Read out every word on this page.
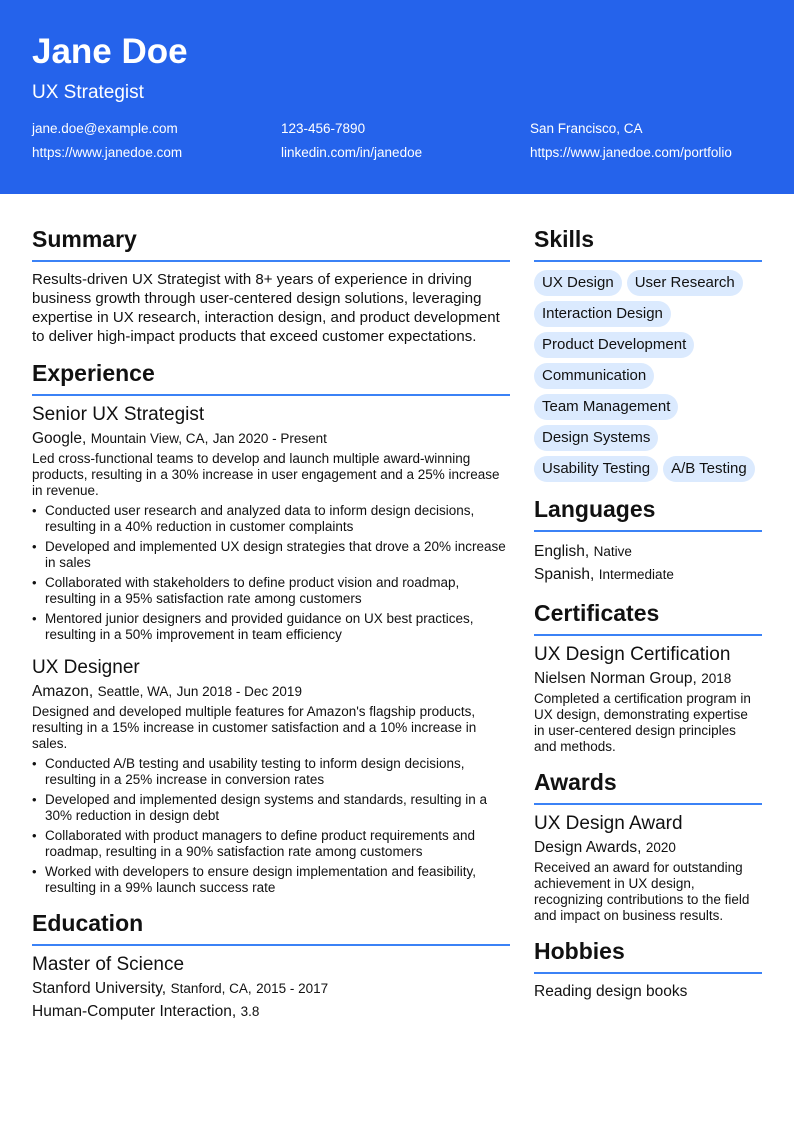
Jane Doe
UX Strategist
jane.doe@example.com	123-456-7890	San Francisco, CA
https://www.janedoe.com	linkedin.com/in/janedoe	https://www.janedoe.com/portfolio
Summary

Results-driven UX Strategist with 8+ years of experience in driving business growth through user-centered design solutions, leveraging expertise in UX research, interaction design, and product development to deliver high-impact products that exceed customer expectations.

Experience
Senior UX Strategist
Google, Mountain View, CA, Jan 2020 - Present
Led cross-functional teams to develop and launch multiple award-winning products, resulting in a 30% increase in user engagement and a 25% increase in revenue.
• Conducted user research and analyzed data to inform design decisions, resulting in a 40% reduction in customer complaints
• Developed and implemented UX design strategies that drove a 20% increase in sales
• Collaborated with stakeholders to define product vision and roadmap, resulting in a 95% satisfaction rate among customers
• Mentored junior designers and provided guidance on UX best practices, resulting in a 50% improvement in team efficiency
UX Designer
Amazon, Seattle, WA, Jun 2018 - Dec 2019
Designed and developed multiple features for Amazon's flagship products, resulting in a 15% increase in customer satisfaction and a 10% increase in sales.
• Conducted A/B testing and usability testing to inform design decisions, resulting in a 25% increase in conversion rates
• Developed and implemented design systems and standards, resulting in a 30% reduction in design debt
• Collaborated with product managers to define product requirements and roadmap, resulting in a 90% satisfaction rate among customers
• Worked with developers to ensure design implementation and feasibility, resulting in a 99% launch success rate
Education
Master of Science
Stanford University, Stanford, CA, 2015 - 2017
Human-Computer Interaction, 3.8
Skills
UX Design	User Research
Interaction Design
Product Development
Communication
Team Management
Design Systems
Usability Testing	A/B Testing
Languages
English, Native
Spanish, Intermediate
Certificates
UX Design Certification
Nielsen Norman Group, 2018
Completed a certification program in UX design, demonstrating expertise in user-centered design principles and methods.
Awards
UX Design Award
Design Awards, 2020
Received an award for outstanding achievement in UX design, recognizing contributions to the field and impact on business results.
Hobbies
Reading design books
